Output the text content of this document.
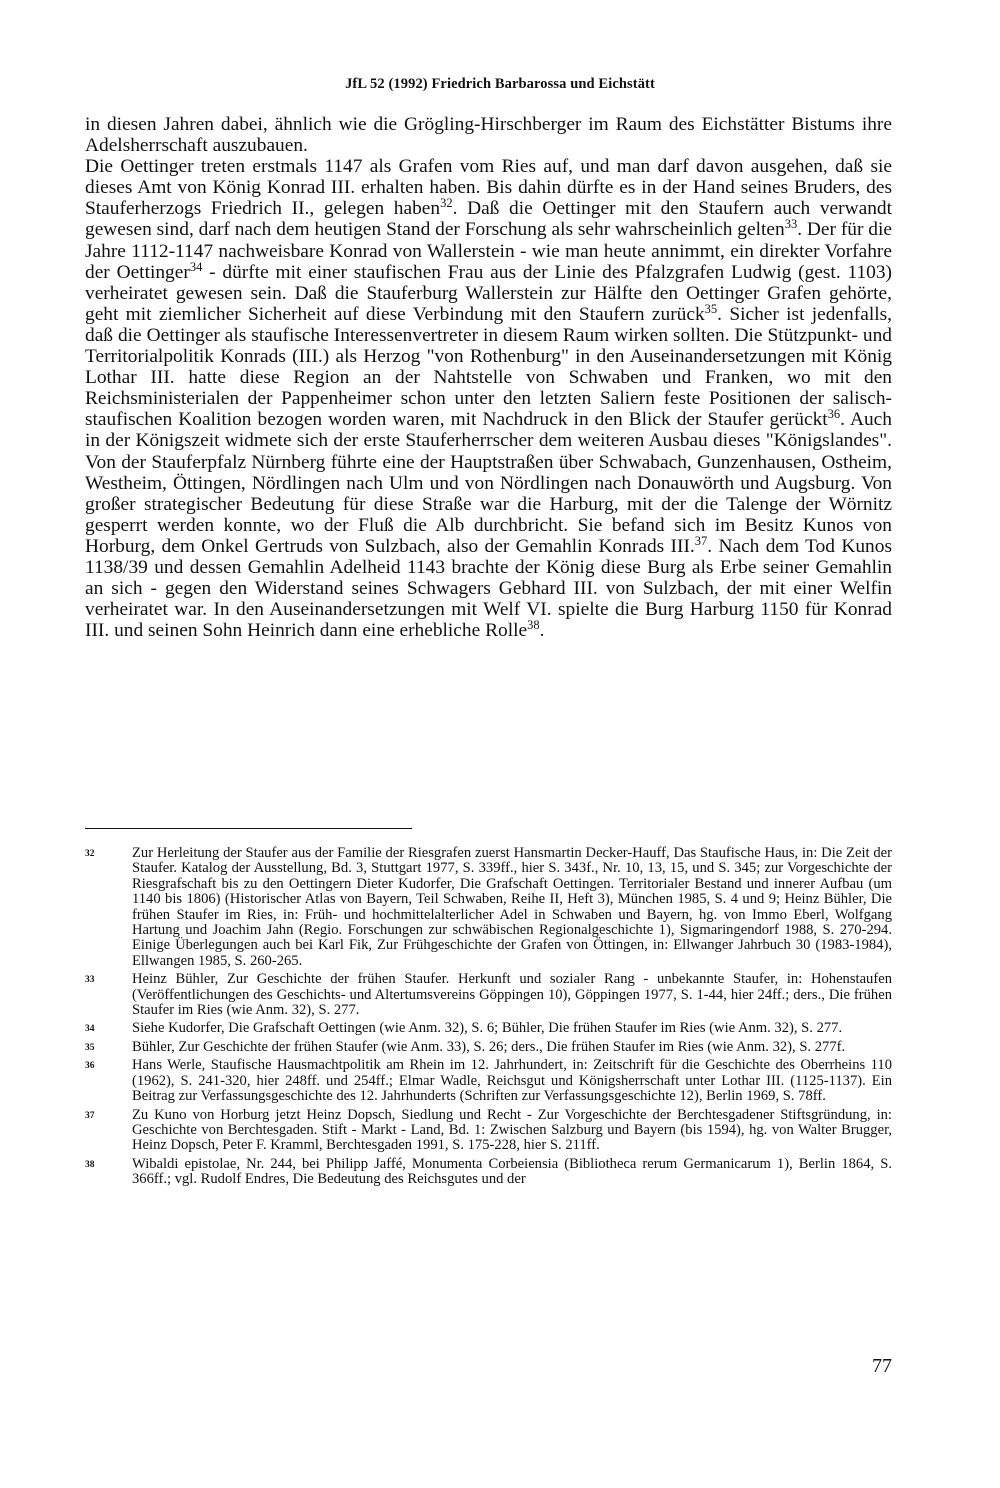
JfL 52 (1992) Friedrich Barbarossa und Eichstätt

in diesen Jahren dabei, ähnlich wie die Grögling-Hirschberger im Raum des Eichstätter Bistums ihre Adelsherrschaft auszubauen.

Die Oettinger treten erstmals 1147 als Grafen vom Ries auf, und man darf davon ausgehen, daß sie dieses Amt von König Konrad III. erhalten haben. Bis dahin dürfte es in der Hand seines Bruders, des Stauferherzogs Friedrich II., gelegen haben$^{32}$. Daß die Oettinger mit den Staufern auch verwandt gewesen sind, darf nach dem heutigen Stand der Forschung als sehr wahrscheinlich gelten$^{33}$. Der für die Jahre 1112-1147 nachweisbare Konrad von Wallerstein - wie man heute annimmt, ein direkter Vorfahre der Oettinger$^{34}$ - dürfte mit einer staufischen Frau aus der Linie des Pfalzgrafen Ludwig (gest. 1103) verheiratet gewesen sein. Daß die Stauferburg Wallerstein zur Hälfte den Oettinger Grafen gehörte, geht mit ziemlicher Sicherheit auf diese Verbindung mit den Staufern zurück$^{35}$. Sicher ist jedenfalls, daß die Oettinger als staufische Interessenvertreter in diesem Raum wirken sollten. Die Stützpunkt- und Territorialpolitik Konrads (III.) als Herzog "von Rothenburg" in den Auseinandersetzungen mit König Lothar III. hatte diese Region an der Nahtstelle von Schwaben und Franken, wo mit den Reichsministerialen der Pappenheimer schon unter den letzten Saliern feste Positionen der salisch-staufischen Koalition bezogen worden waren, mit Nachdruck in den Blick der Staufer gerückt$^{36}$. Auch in der Königszeit widmete sich der erste Stauferherrscher dem weiteren Ausbau dieses "Königslandes". Von der Stauferpfalz Nürnberg führte eine der Hauptstraßen über Schwabach, Gunzenhausen, Ostheim, Westheim, Öttingen, Nördlingen nach Ulm und von Nördlingen nach Donauwörth und Augsburg. Von großer strategischer Bedeutung für diese Straße war die Harburg, mit der die Talenge der Wörnitz gesperrt werden konnte, wo der Fluß die Alb durchbricht. Sie befand sich im Besitz Kunos von Horburg, dem Onkel Gertruds von Sulzbach, also der Gemahlin Konrads III.$^{37}$. Nach dem Tod Kunos 1138/39 und dessen Gemahlin Adelheid 1143 brachte der König diese Burg als Erbe seiner Gemahlin an sich - gegen den Widerstand seines Schwagers Gebhard III. von Sulzbach, der mit einer Welfin verheiratet war. In den Auseinandersetzungen mit Welf VI. spielte die Burg Harburg 1150 für Konrad III. und seinen Sohn Heinrich dann eine erhebliche Rolle$^{38}$.

32	Zur Herleitung der Staufer aus der Familie der Riesgrafen zuerst Hansmartin Decker-Hauff, Das Staufische Haus, in: Die Zeit der Staufer. Katalog der Ausstellung, Bd. 3, Stuttgart 1977, S. 339ff., hier S. 343f., Nr. 10, 13, 15, und S. 345; zur Vorgeschichte der Riesgrafschaft bis zu den Oettingern Dieter Kudorfer, Die Grafschaft Oettingen. Territorialer Bestand und innerer Aufbau (um 1140 bis 1806) (Historischer Atlas von Bayern, Teil Schwaben, Reihe II, Heft 3), München 1985, S. 4 und 9; Heinz Bühler, Die frühen Staufer im Ries, in: Früh- und hochmittelalterlicher Adel in Schwaben und Bayern, hg. von Immo Eberl, Wolfgang Hartung und Joachim Jahn (Regio. Forschungen zur schwäbischen Regionalgeschichte 1), Sigmaringendorf 1988, S. 270-294. Einige Überlegungen auch bei Karl Fik, Zur Frühgeschichte der Grafen von Öttingen, in: Ellwanger Jahrbuch 30 (1983-1984), Ellwangen 1985, S. 260-265.
33	Heinz Bühler, Zur Geschichte der frühen Staufer. Herkunft und sozialer Rang - unbekannte Staufer, in: Hohenstaufen (Veröffentlichungen des Geschichts- und Altertumsvereins Göppingen 10), Göppingen 1977, S. 1-44, hier 24ff.; ders., Die frühen Staufer im Ries (wie Anm. 32), S. 277.
34	Siehe Kudorfer, Die Grafschaft Oettingen (wie Anm. 32), S. 6; Bühler, Die frühen Staufer im Ries (wie Anm. 32), S. 277.
35	Bühler, Zur Geschichte der frühen Staufer (wie Anm. 33), S. 26; ders., Die frühen Staufer im Ries (wie Anm. 32), S. 277f.
36	Hans Werle, Staufische Hausmachtpolitik am Rhein im 12. Jahrhundert, in: Zeitschrift für die Geschichte des Oberrheins 110 (1962), S. 241-320, hier 248ff. und 254ff.; Elmar Wadle, Reichsgut und Königsherrschaft unter Lothar III. (1125-1137). Ein Beitrag zur Verfassungsgeschichte des 12. Jahrhunderts (Schriften zur Verfassungsgeschichte 12), Berlin 1969, S. 78ff.
37	Zu Kuno von Horburg jetzt Heinz Dopsch, Siedlung und Recht - Zur Vorgeschichte der Berchtesgadener Stiftsgründung, in: Geschichte von Berchtesgaden. Stift - Markt - Land, Bd. 1: Zwischen Salzburg und Bayern (bis 1594), hg. von Walter Brugger, Heinz Dopsch, Peter F. Kramml, Berchtesgaden 1991, S. 175-228, hier S. 211ff.
38	Wibaldi epistolae, Nr. 244, bei Philipp Jaffé, Monumenta Corbeiensia (Bibliotheca rerum Germanicarum 1), Berlin 1864, S. 366ff.; vgl. Rudolf Endres, Die Bedeutung des Reichsgutes und der
77
